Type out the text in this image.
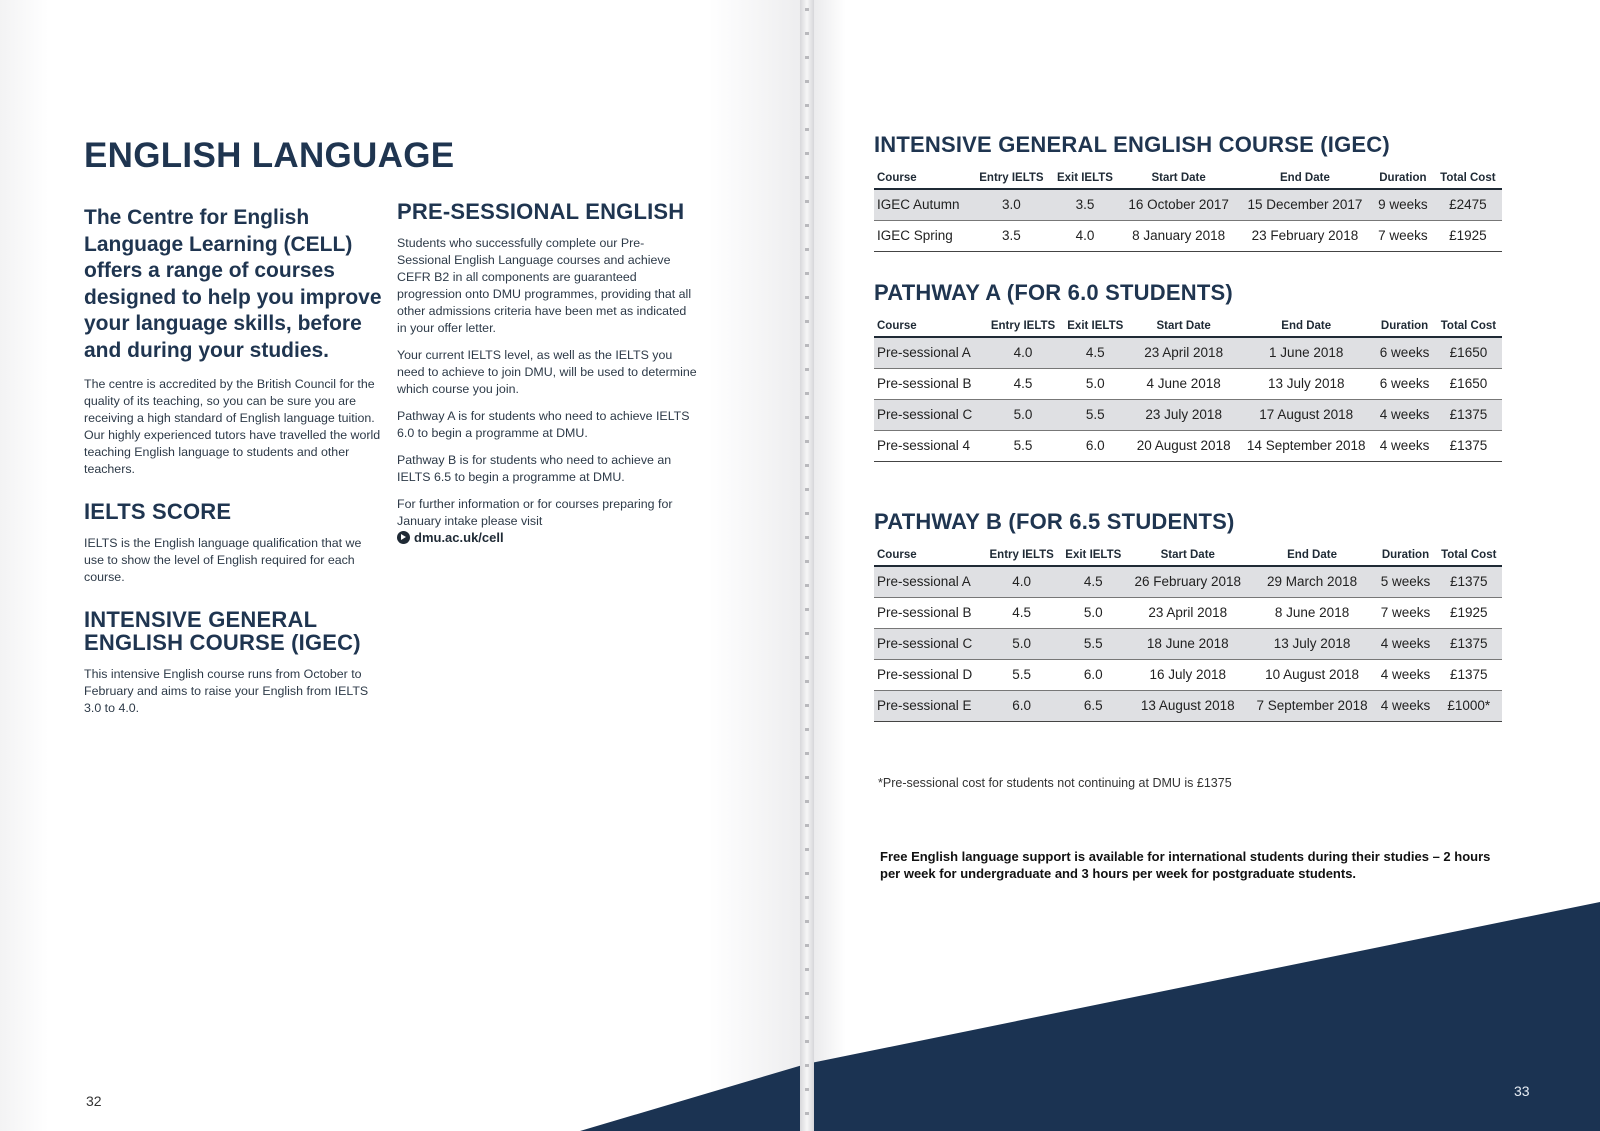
ENGLISH LANGUAGE

The Centre for English Language Learning (CELL) offers a range of courses designed to help you improve your language skills, before and during your studies.

The centre is accredited by the British Council for the quality of its teaching, so you can be sure you are receiving a high standard of English language tuition. Our highly experienced tutors have travelled the world teaching English language to students and other teachers.

IELTS SCORE

IELTS is the English language qualification that we use to show the level of English required for each course.

INTENSIVE GENERAL ENGLISH COURSE (IGEC)

This intensive English course runs from October to February and aims to raise your English from IELTS 3.0 to 4.0.

PRE-SESSIONAL ENGLISH

Students who successfully complete our Pre-Sessional English Language courses and achieve CEFR B2 in all components are guaranteed progression onto DMU programmes, providing that all other admissions criteria have been met as indicated in your offer letter.

Your current IELTS level, as well as the IELTS you need to achieve to join DMU, will be used to determine which course you join.

Pathway A is for students who need to achieve IELTS 6.0 to begin a programme at DMU.

Pathway B is for students who need to achieve an IELTS 6.5 to begin a programme at DMU.

For further information or for courses preparing for January intake please visit

dmu.ac.uk/cell
32
INTENSIVE GENERAL ENGLISH COURSE (IGEC)
Course	Entry IELTS	Exit IELTS	Start Date	End Date	Duration	Total Cost
IGEC Autumn	3.0	3.5	16 October 2017	15 December 2017	9 weeks	£2475
IGEC Spring	3.5	4.0	8 January 2018	23 February 2018	7 weeks	£1925
PATHWAY A (FOR 6.0 STUDENTS)
Course	Entry IELTS	Exit IELTS	Start Date	End Date	Duration	Total Cost
Pre-sessional A	4.0	4.5	23 April 2018	1 June 2018	6 weeks	£1650
Pre-sessional B	4.5	5.0	4 June 2018	13 July 2018	6 weeks	£1650
Pre-sessional C	5.0	5.5	23 July 2018	17 August 2018	4 weeks	£1375
Pre-sessional 4	5.5	6.0	20 August 2018	14 September 2018	4 weeks	£1375
PATHWAY B (FOR 6.5 STUDENTS)
Course	Entry IELTS	Exit IELTS	Start Date	End Date	Duration	Total Cost
Pre-sessional A	4.0	4.5	26 February 2018	29 March 2018	5 weeks	£1375
Pre-sessional B	4.5	5.0	23 April 2018	8 June 2018	7 weeks	£1925
Pre-sessional C	5.0	5.5	18 June 2018	13 July 2018	4 weeks	£1375
Pre-sessional D	5.5	6.0	16 July 2018	10 August 2018	4 weeks	£1375
Pre-sessional E	6.0	6.5	13 August 2018	7 September 2018	4 weeks	£1000*

*Pre-sessional cost for students not continuing at DMU is £1375

Free English language support is available for international students during their studies – 2 hours per week for undergraduate and 3 hours per week for postgraduate students.

33
